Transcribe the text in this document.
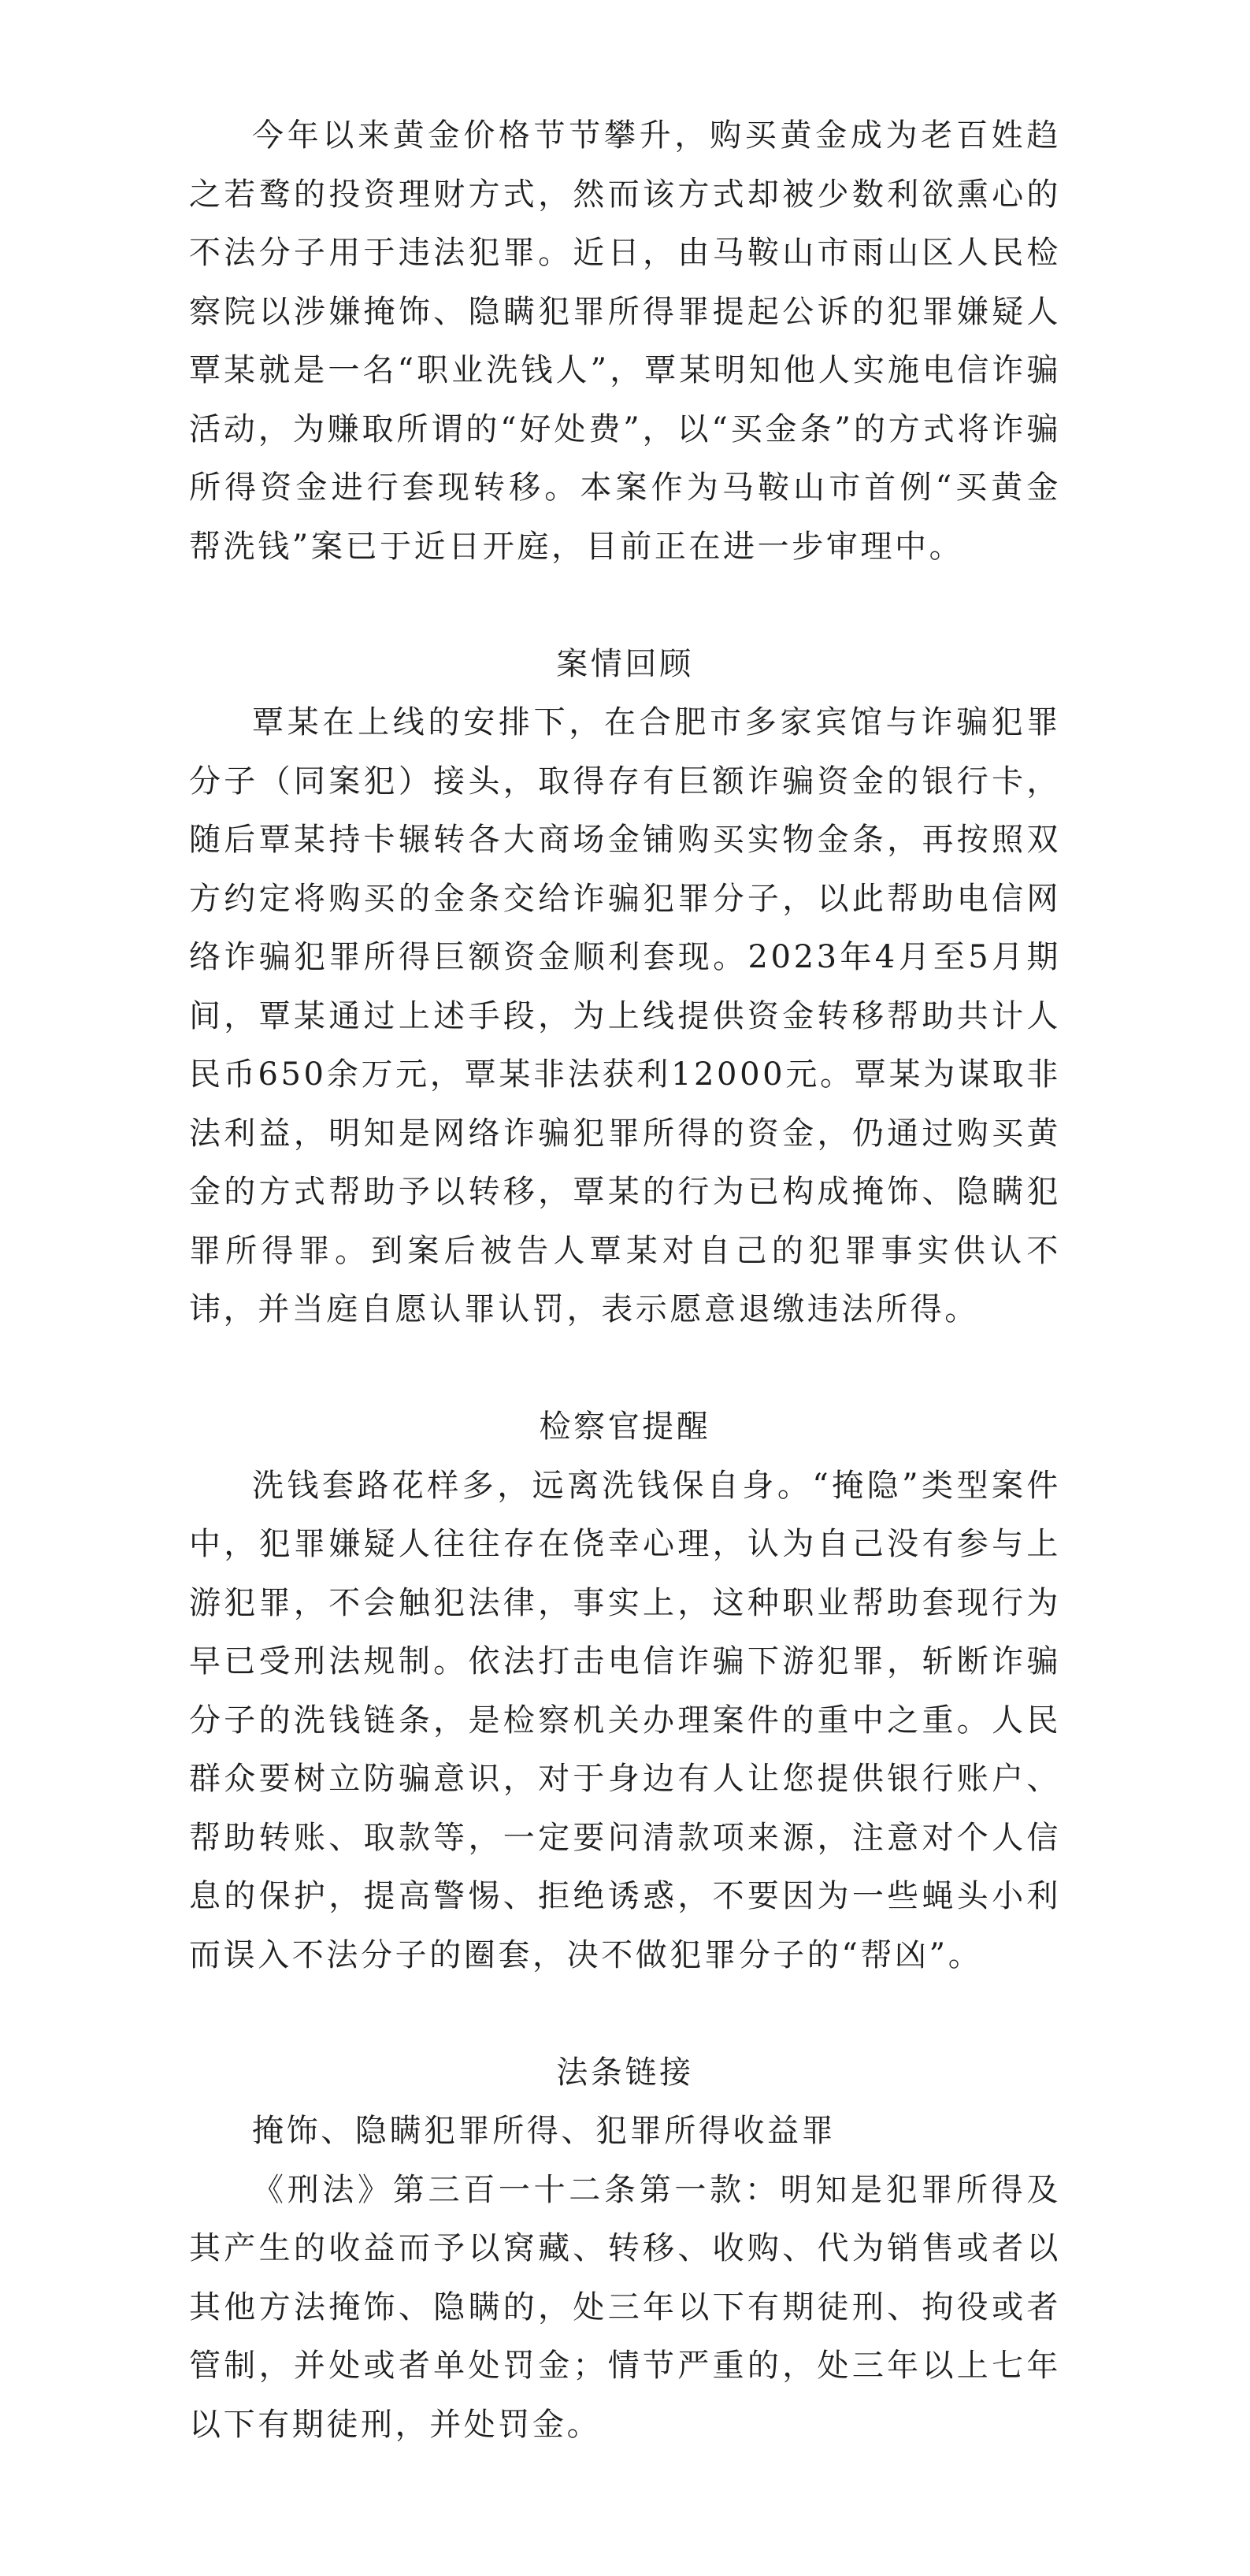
今年以来黄金价格节节攀升，购买黄金成为老百姓趋之若鹜的投资理财方式，然而该方式却被少数利欲熏心的不法分子用于违法犯罪。近日，由马鞍山市雨山区人民检察院以涉嫌掩饰、隐瞒犯罪所得罪提起公诉的犯罪嫌疑人覃某就是一名“职业洗钱人”，覃某明知他人实施电信诈骗活动，为赚取所谓的“好处费”，以“买金条”的方式将诈骗所得资金进行套现转移。本案作为马鞍山市首例“买黄金帮洗钱”案已于近日开庭，目前正在进一步审理中。

案情回顾

覃某在上线的安排下，在合肥市多家宾馆与诈骗犯罪分子（同案犯）接头，取得存有巨额诈骗资金的银行卡，随后覃某持卡辗转各大商场金铺购买实物金条，再按照双方约定将购买的金条交给诈骗犯罪分子，以此帮助电信网络诈骗犯罪所得巨额资金顺利套现。2023年4月至5月期间，覃某通过上述手段，为上线提供资金转移帮助共计人民币650余万元，覃某非法获利12000元。覃某为谋取非法利益，明知是网络诈骗犯罪所得的资金，仍通过购买黄金的方式帮助予以转移，覃某的行为已构成掩饰、隐瞒犯罪所得罪。到案后被告人覃某对自己的犯罪事实供认不讳，并当庭自愿认罪认罚，表示愿意退缴违法所得。

检察官提醒

洗钱套路花样多，远离洗钱保自身。“掩隐”类型案件中，犯罪嫌疑人往往存在侥幸心理，认为自己没有参与上游犯罪，不会触犯法律，事实上，这种职业帮助套现行为早已受刑法规制。依法打击电信诈骗下游犯罪，斩断诈骗分子的洗钱链条，是检察机关办理案件的重中之重。人民群众要树立防骗意识，对于身边有人让您提供银行账户、帮助转账、取款等，一定要问清款项来源，注意对个人信息的保护，提高警惕、拒绝诱惑，不要因为一些蝇头小利而误入不法分子的圈套，决不做犯罪分子的“帮凶”。

法条链接

掩饰、隐瞒犯罪所得、犯罪所得收益罪

《刑法》第三百一十二条第一款：明知是犯罪所得及其产生的收益而予以窝藏、转移、收购、代为销售或者以其他方法掩饰、隐瞒的，处三年以下有期徒刑、拘役或者管制，并处或者单处罚金；情节严重的，处三年以上七年以下有期徒刑，并处罚金。
